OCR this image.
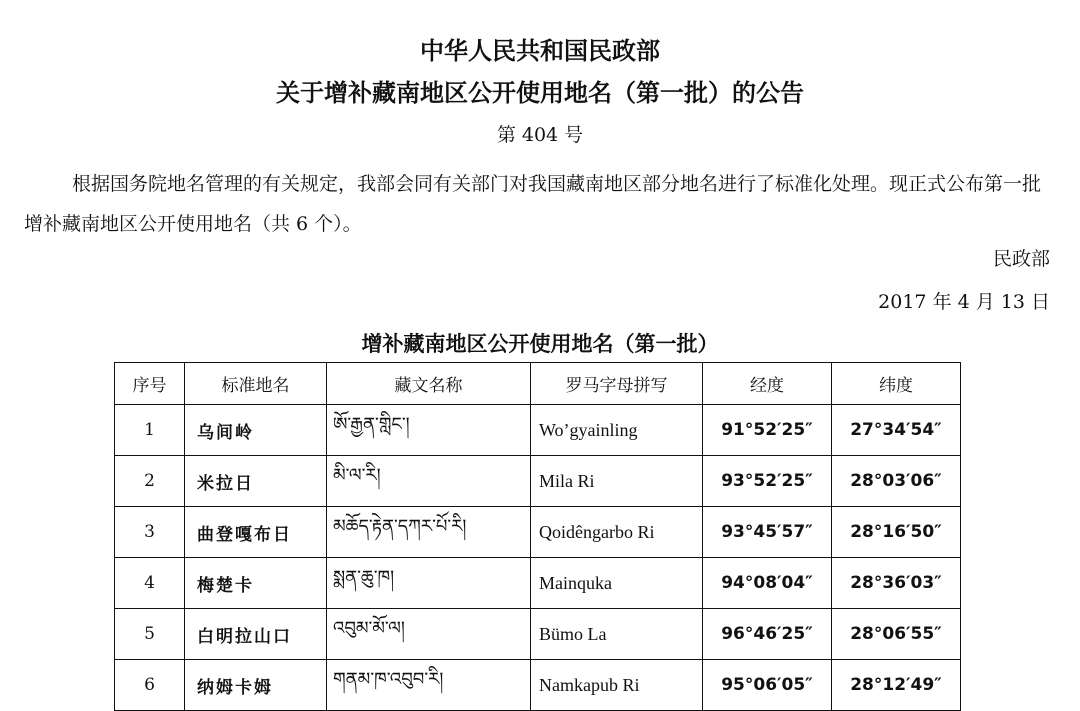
中华人民共和国民政部
关于增补藏南地区公开使用地名（第一批）的公告
第 404 号

根据国务院地名管理的有关规定，我部会同有关部门对我国藏南地区部分地名进行了标准化处理。现正式公布第一批增补藏南地区公开使用地名（共 6 个）。

民政部
2017 年 4 月 13 日
增补藏南地区公开使用地名（第一批）
序号	标准地名	藏文名称	罗马字母拼写	经度	纬度
1	乌间岭	ཨོ་རྒྱན་གླིང་།	Wo’gyainling	91°52′25″	27°34′54″
2	米拉日	མི་ལ་རི།	Mila Ri	93°52′25″	28°03′06″
3	曲登嘎布日	མཆོད་རྟེན་དཀར་པོ་རི།	Qoidêngarbo Ri	93°45′57″	28°16′50″
4	梅楚卡	སྨན་ཆུ་ཁ།	Mainquka	94°08′04″	28°36′03″
5	白明拉山口	འབུམ་མོ་ལ།	Bümo La	96°46′25″	28°06′55″
6	纳姆卡姆	གནམ་ཁ་འབུབ་རི།	Namkapub Ri	95°06′05″	28°12′49″
